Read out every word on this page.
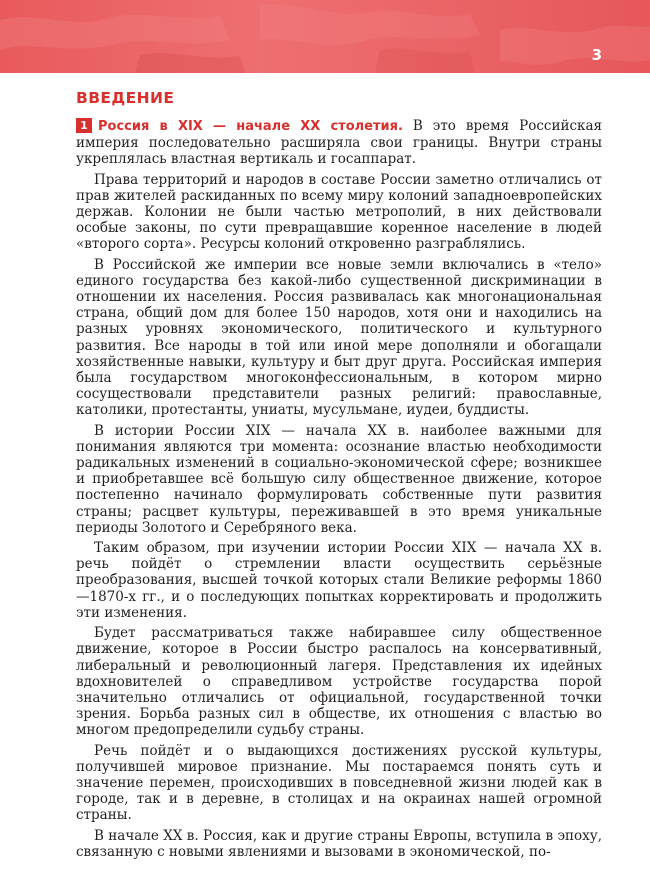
3
ВВЕДЕНИЕ

1 Россия в XIX — начале XX столетия. В это время Российская империя последовательно расширяла свои границы. Внутри страны укреплялась властная вертикаль и госаппарат.

Права территорий и народов в составе России заметно отличались от прав жителей раскиданных по всему миру колоний западноевропейских держав. Колонии не были частью метрополий, в них действовали особые законы, по сути превращавшие коренное население в людей «второго сорта». Ресурсы колоний откровенно разграблялись.

В Российской же империи все новые земли включались в «тело» единого государства без какой-либо существенной дискриминации в отношении их населения. Россия развивалась как многонациональная страна, общий дом для более 150 народов, хотя они и находились на разных уровнях экономического, политического и культурного развития. Все народы в той или иной мере дополняли и обогащали хозяйственные навыки, культуру и быт друг друга. Российская империя была государством многоконфессиональным, в котором мирно сосуществовали представители разных религий: православные, католики, протестанты, униаты, мусульмане, иудеи, буддисты.

В истории России XIX — начала XX в. наиболее важными для понимания являются три момента: осознание властью необходимости радикальных изменений в социально-экономической сфере; возникшее и приобретавшее всё большую силу общественное движение, которое постепенно начинало формулировать собственные пути развития страны; расцвет культуры, переживавшей в это время уникальные периоды Золотого и Серебряного века.

Таким образом, при изучении истории России XIX — начала XX в. речь пойдёт о стремлении власти осуществить серьёзные преобразования, высшей точкой которых стали Великие реформы 1860—1870-х гг., и о последующих попытках корректировать и продолжить эти изменения.

Будет рассматриваться также набиравшее силу общественное движение, которое в России быстро распалось на консервативный, либеральный и революционный лагеря. Представления их идейных вдохновителей о справедливом устройстве государства порой значительно отличались от официальной, государственной точки зрения. Борьба разных сил в обществе, их отношения с властью во многом предопределили судьбу страны.

Речь пойдёт и о выдающихся достижениях русской культуры, получившей мировое признание. Мы постараемся понять суть и значение перемен, происходивших в повседневной жизни людей как в городе, так и в деревне, в столицах и на окраинах нашей огромной страны.

В начале XX в. Россия, как и другие страны Европы, вступила в эпоху, связанную с новыми явлениями и вызовами в экономической, по-
